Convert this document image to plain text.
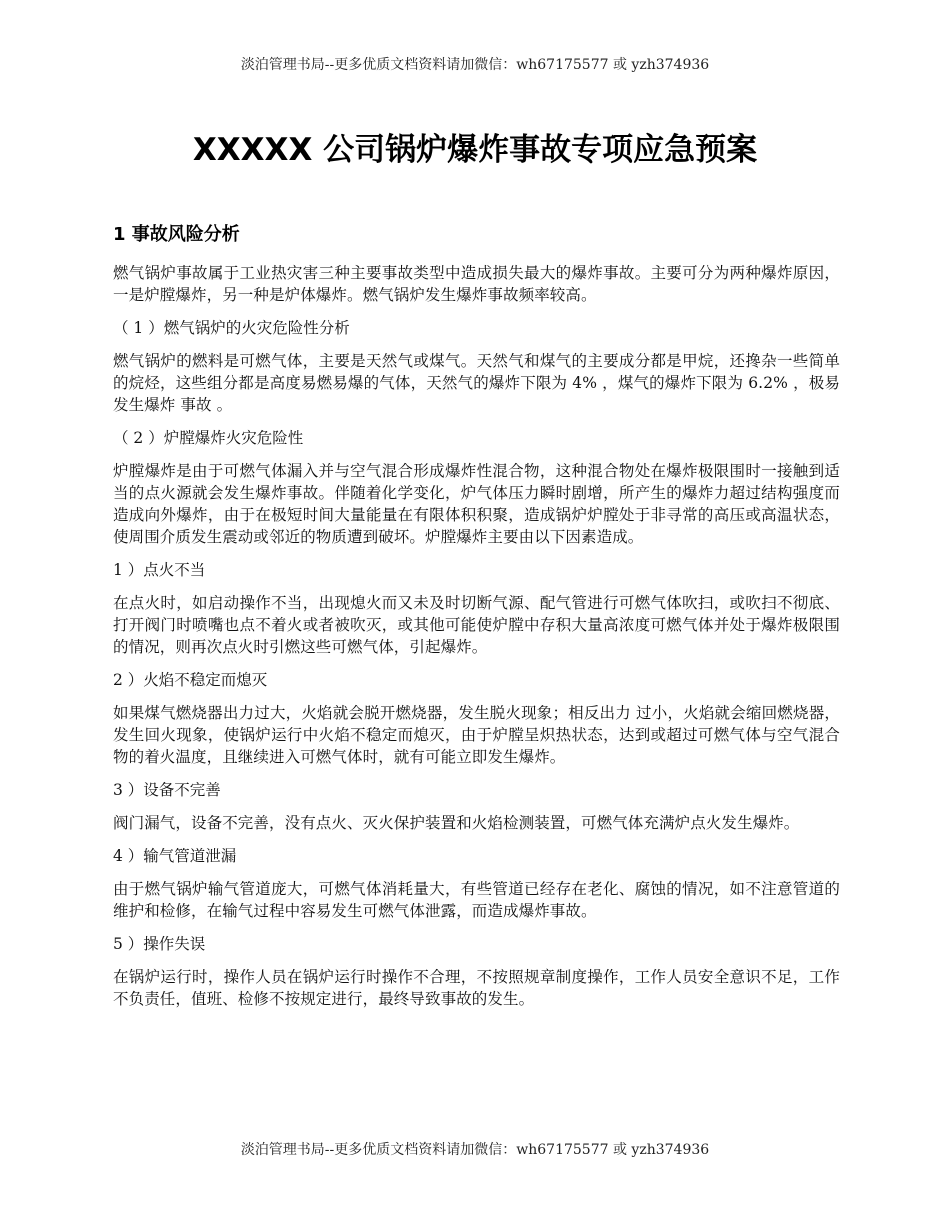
淡泊管理书局--更多优质文档资料请加微信：wh67175577 或 yzh374936
XXXXX 公司锅炉爆炸事故专项应急预案
1 事故风险分析

燃气锅炉事故属于工业热灾害三种主要事故类型中造成损失最大的爆炸事故。主要可分为两种爆炸原因，一是炉膛爆炸，另一种是炉体爆炸。燃气锅炉发生爆炸事故频率较高。

（ 1 ）燃气锅炉的火灾危险性分析

燃气锅炉的燃料是可燃气体，主要是天然气或煤气。天然气和煤气的主要成分都是甲烷，还搀杂一些简单的烷烃，这些组分都是高度易燃易爆的气体，天然气的爆炸下限为 4% ，煤气的爆炸下限为 6.2% ，极易发生爆炸 事故 。

（ 2 ）炉膛爆炸火灾危险性

炉膛爆炸是由于可燃气体漏入并与空气混合形成爆炸性混合物，这种混合物处在爆炸极限围时一接触到适当的点火源就会发生爆炸事故。伴随着化学变化，炉气体压力瞬时剧增，所产生的爆炸力超过结构强度而造成向外爆炸，由于在极短时间大量能量在有限体积积聚，造成锅炉炉膛处于非寻常的高压或高温状态，使周围介质发生震动或邻近的物质遭到破坏。炉膛爆炸主要由以下因素造成。

1 ）点火不当

在点火时，如启动操作不当，出现熄火而又未及时切断气源、配气管进行可燃气体吹扫，或吹扫不彻底、打开阀门时喷嘴也点不着火或者被吹灭，或其他可能使炉膛中存积大量高浓度可燃气体并处于爆炸极限围的情况，则再次点火时引燃这些可燃气体，引起爆炸。

2 ）火焰不稳定而熄灭

如果煤气燃烧器出力过大，火焰就会脱开燃烧器，发生脱火现象；相反出力 过小，火焰就会缩回燃烧器，发生回火现象，使锅炉运行中火焰不稳定而熄灭，由于炉膛呈炽热状态，达到或超过可燃气体与空气混合物的着火温度，且继续进入可燃气体时，就有可能立即发生爆炸。

3 ）设备不完善

阀门漏气，设备不完善，没有点火、灭火保护装置和火焰检测装置，可燃气体充满炉点火发生爆炸。

4 ）输气管道泄漏

由于燃气锅炉输气管道庞大，可燃气体消耗量大，有些管道已经存在老化、腐蚀的情况，如不注意管道的维护和检修，在输气过程中容易发生可燃气体泄露，而造成爆炸事故。

5 ）操作失误

在锅炉运行时，操作人员在锅炉运行时操作不合理，不按照规章制度操作，工作人员安全意识不足，工作不负责任，值班、检修不按规定进行，最终导致事故的发生。

淡泊管理书局--更多优质文档资料请加微信：wh67175577 或 yzh374936
